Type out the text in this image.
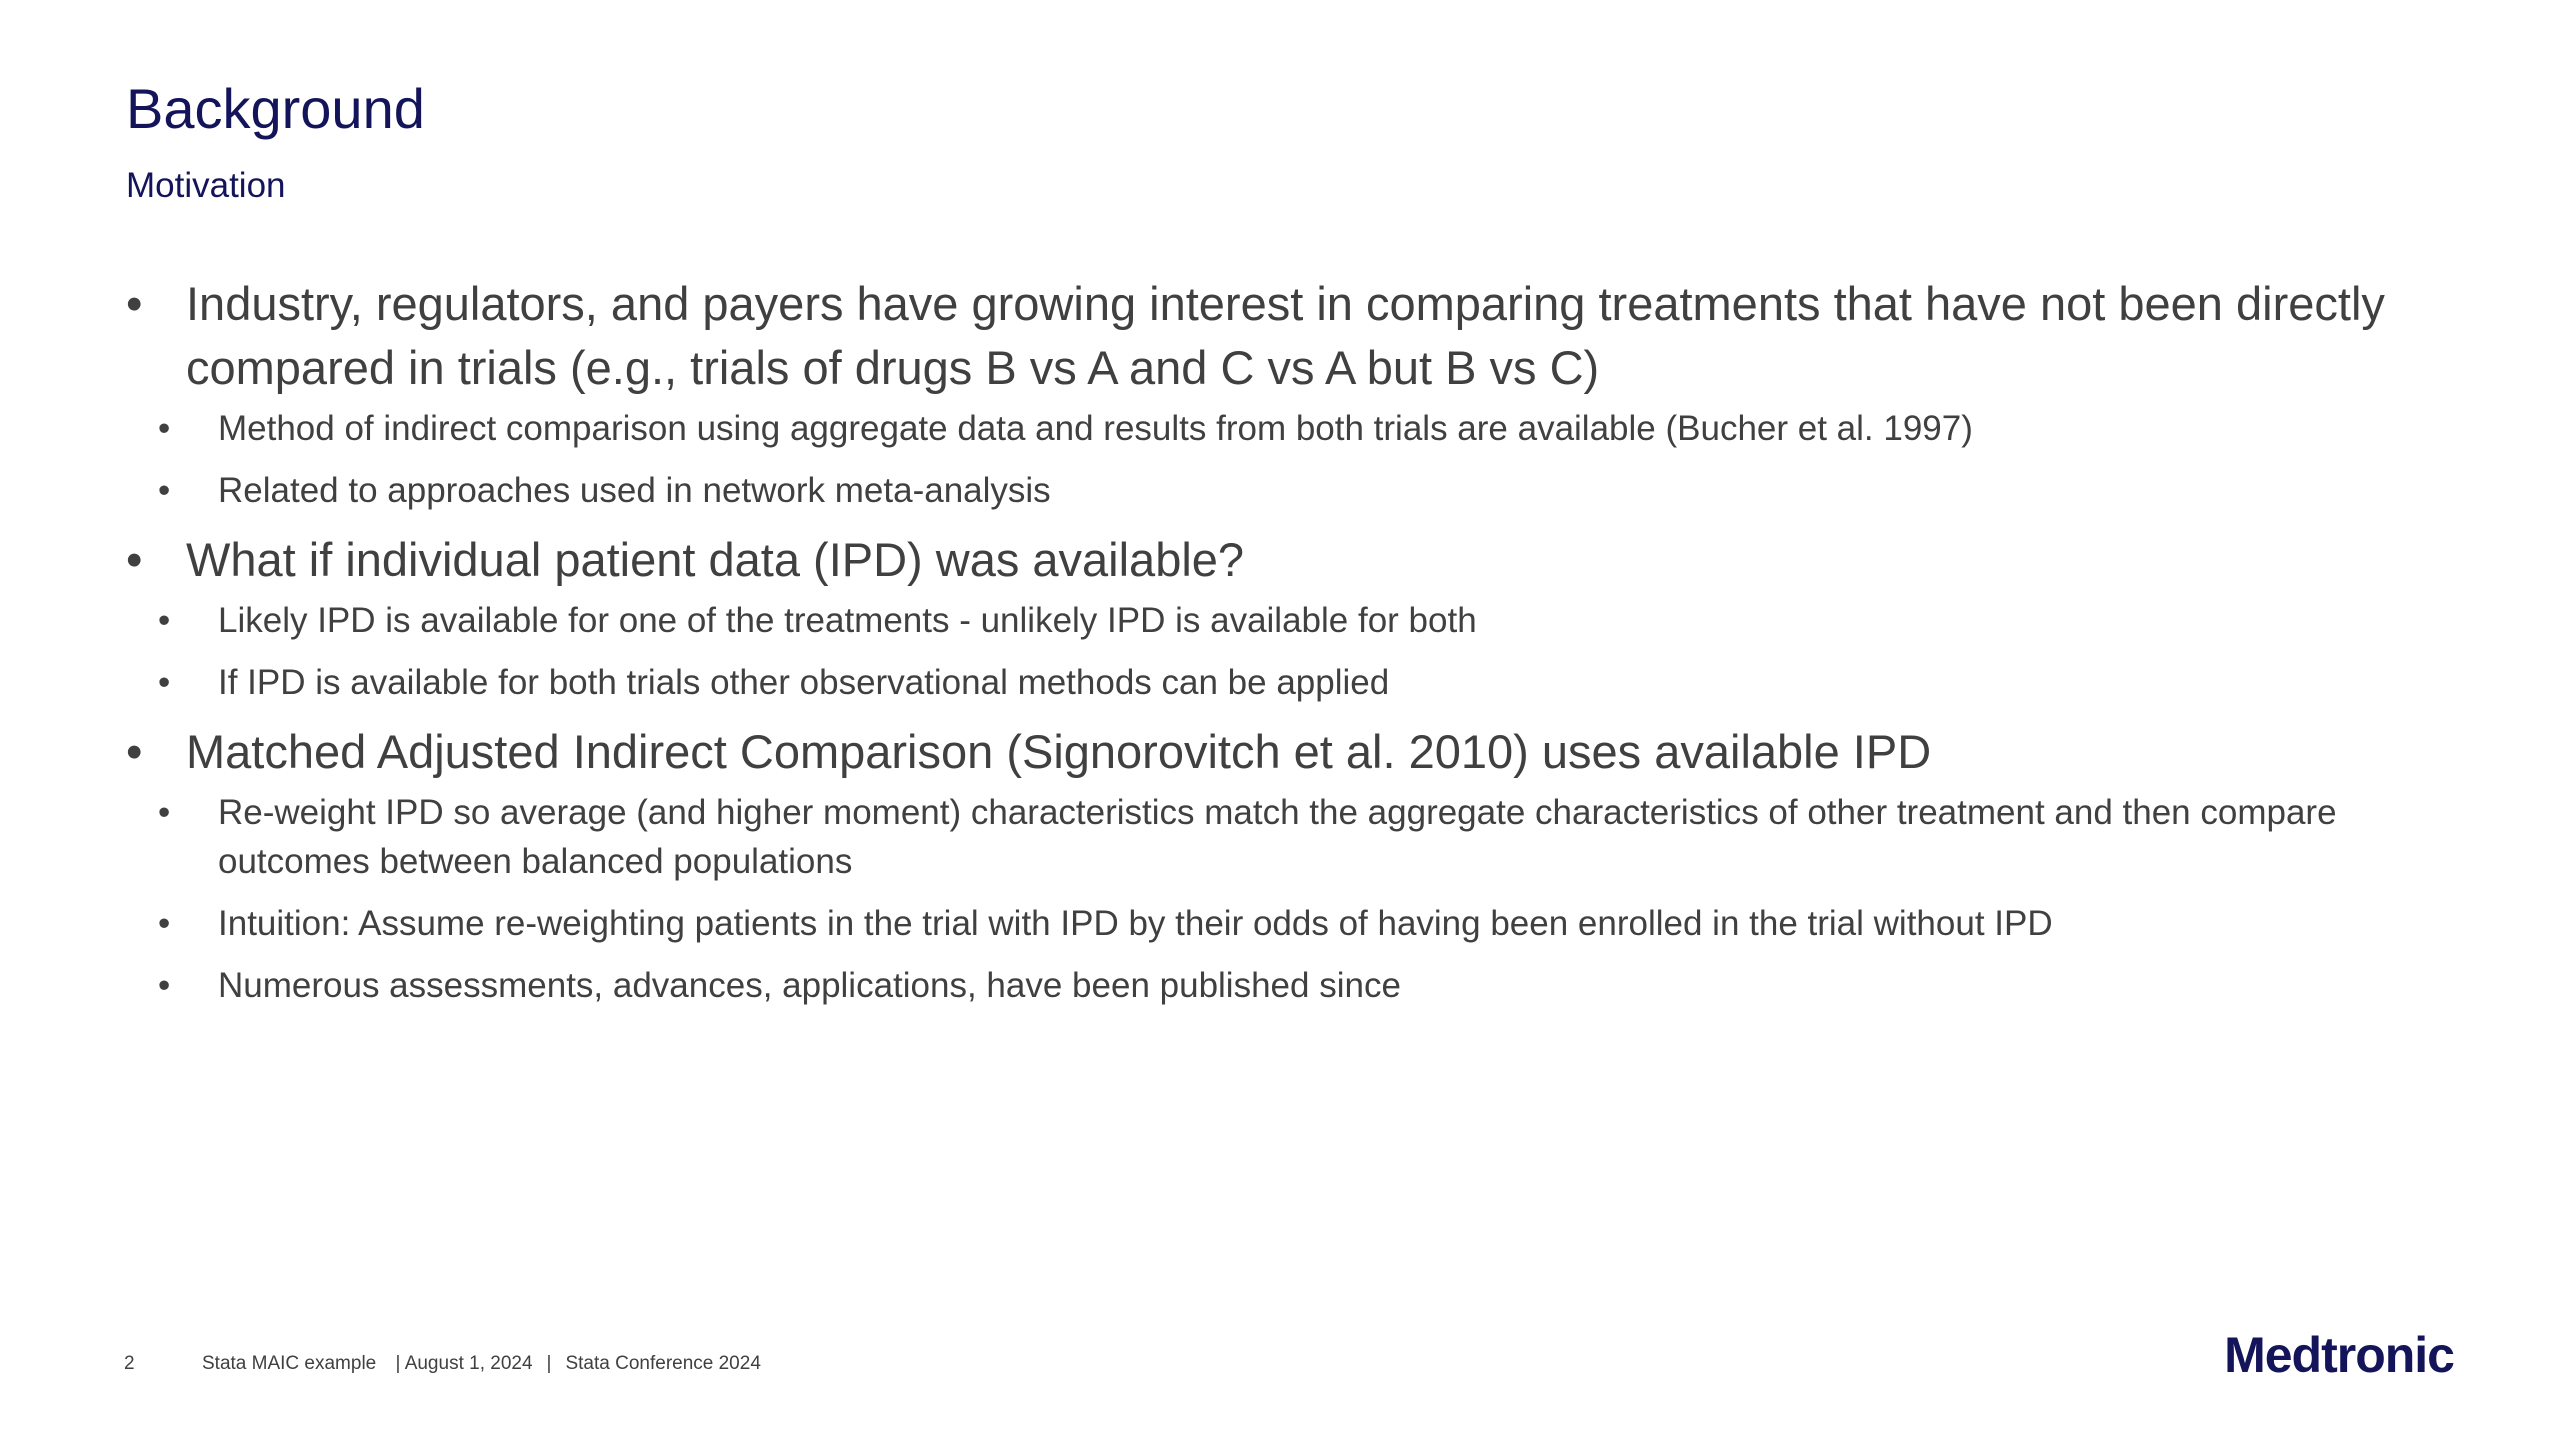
Background
Motivation
• Industry, regulators, and payers have growing interest in comparing treatments that have not been directly compared in trials (e.g., trials of drugs B vs A and C vs A but B vs C)
•	Method of indirect comparison using aggregate data and results from both trials are available (Bucher et al. 1997)
•	Related to approaches used in network meta-analysis
• What if individual patient data (IPD) was available?
•	Likely IPD is available for one of the treatments - unlikely IPD is available for both
•	If IPD is available for both trials other observational methods can be applied
• Matched Adjusted Indirect Comparison (Signorovitch et al. 2010) uses available IPD
•	Re-weight IPD so average (and higher moment) characteristics match the aggregate characteristics of other treatment and then compare outcomes between balanced populations
•	Intuition: Assume re-weighting patients in the trial with IPD by their odds of having been enrolled in the trial without IPD
•	Numerous assessments, advances, applications, have been published since
2	Stata MAIC example | August 1, 2024 | Stata Conference 2024	Medtronic
